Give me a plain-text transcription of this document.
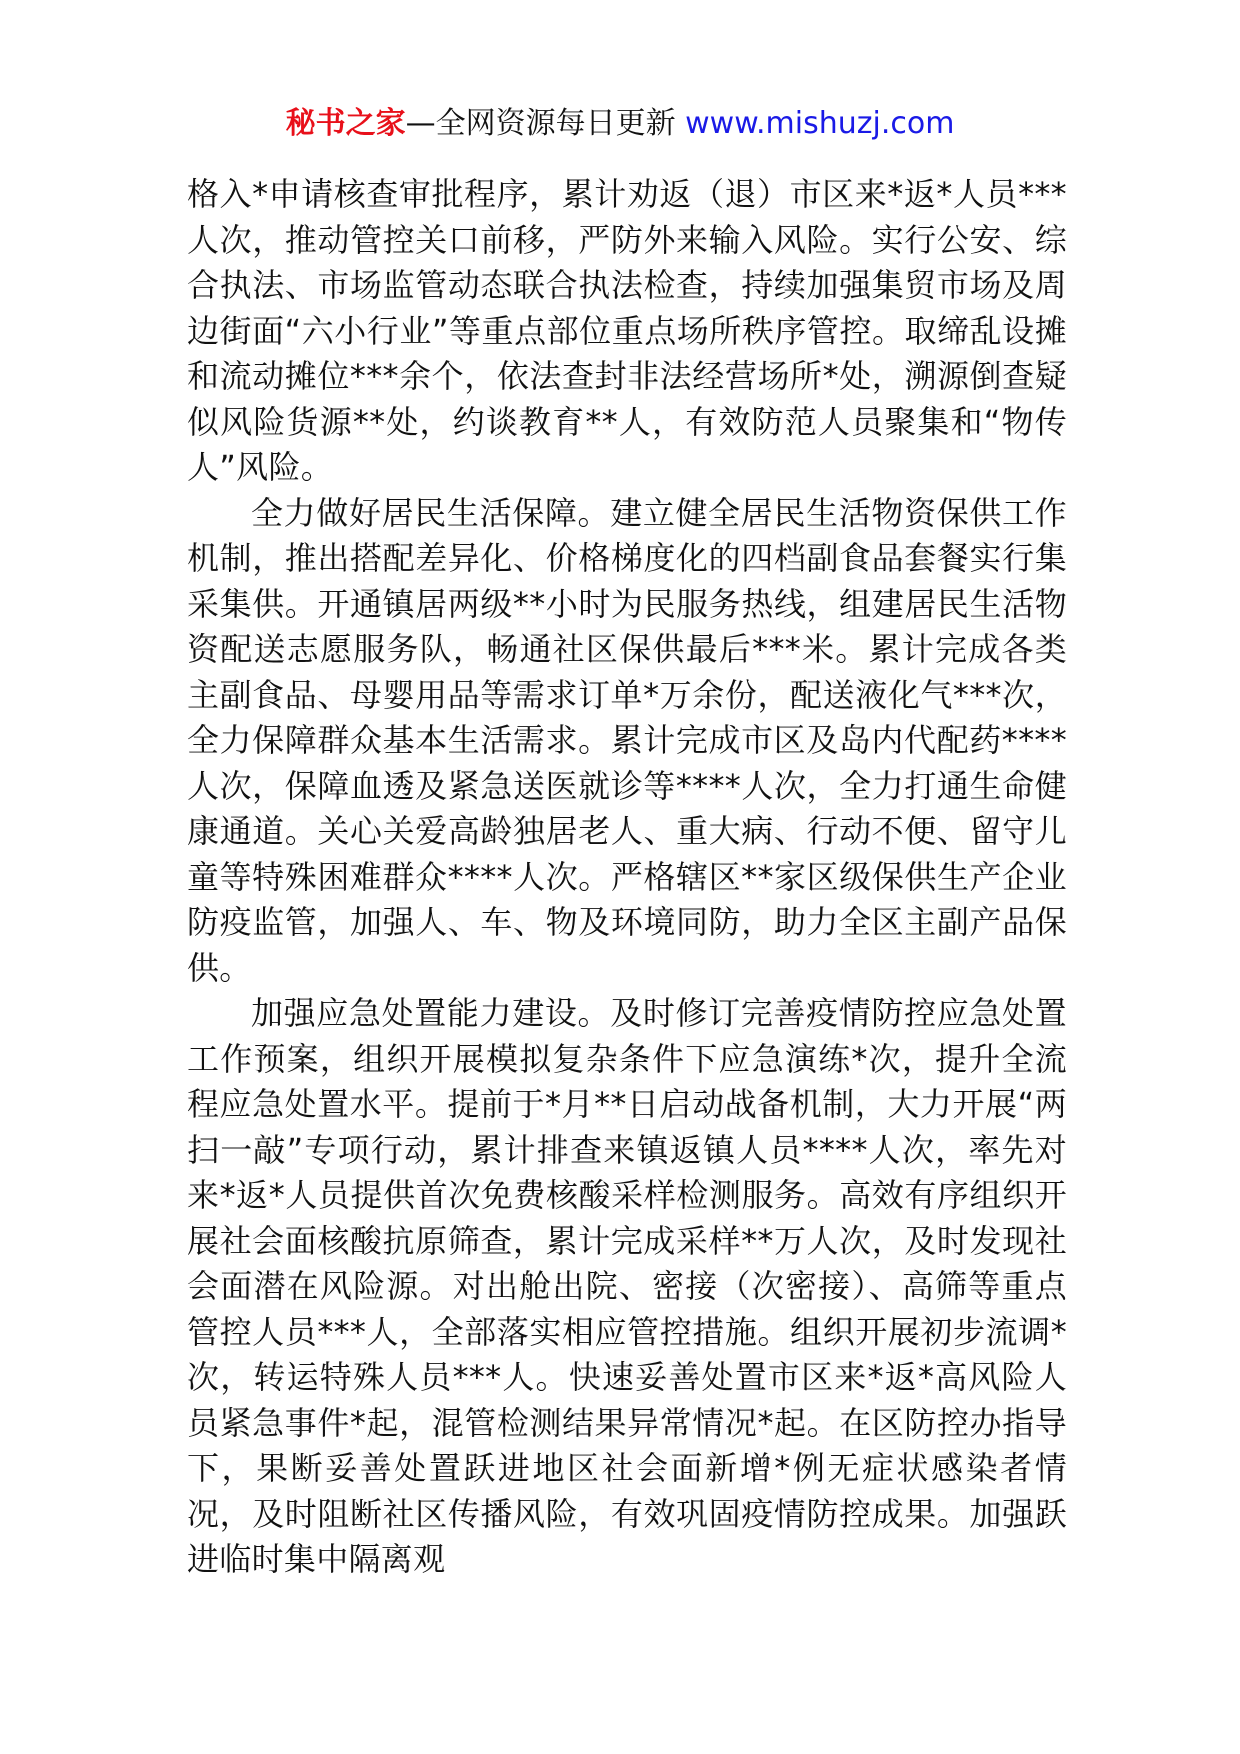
秘书之家—全网资源每日更新 www.mishuzj.com

格入*申请核查审批程序，累计劝返（退）市区来*返*人员***人次，推动管控关口前移，严防外来输入风险。实行公安、综合执法、市场监管动态联合执法检查，持续加强集贸市场及周边街面“六小行业”等重点部位重点场所秩序管控。取缔乱设摊和流动摊位***余个，依法查封非法经营场所*处，溯源倒查疑似风险货源**处，约谈教育**人，有效防范人员聚集和“物传人”风险。

全力做好居民生活保障。建立健全居民生活物资保供工作机制，推出搭配差异化、价格梯度化的四档副食品套餐实行集采集供。开通镇居两级**小时为民服务热线，组建居民生活物资配送志愿服务队，畅通社区保供最后***米。累计完成各类主副食品、母婴用品等需求订单*万余份，配送液化气***次，全力保障群众基本生活需求。累计完成市区及岛内代配药****人次，保障血透及紧急送医就诊等****人次，全力打通生命健康通道。关心关爱高龄独居老人、重大病、行动不便、留守儿童等特殊困难群众****人次。严格辖区**家区级保供生产企业防疫监管，加强人、车、物及环境同防，助力全区主副产品保供。

加强应急处置能力建设。及时修订完善疫情防控应急处置工作预案，组织开展模拟复杂条件下应急演练*次，提升全流程应急处置水平。提前于*月**日启动战备机制，大力开展“两扫一敲”专项行动，累计排查来镇返镇人员****人次，率先对来*返*人员提供首次免费核酸采样检测服务。高效有序组织开展社会面核酸抗原筛查，累计完成采样**万人次，及时发现社会面潜在风险源。对出舱出院、密接（次密接）、高筛等重点管控人员***人，全部落实相应管控措施。组织开展初步流调*次，转运特殊人员***人。快速妥善处置市区来*返*高风险人员紧急事件*起，混管检测结果异常情况*起。在区防控办指导下，果断妥善处置跃进地区社会面新增*例无症状感染者情况，及时阻断社区传播风险，有效巩固疫情防控成果。加强跃进临时集中隔离观
